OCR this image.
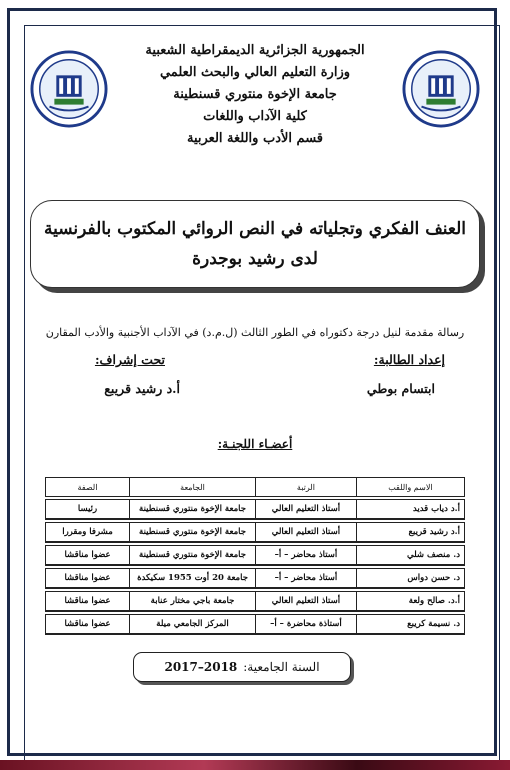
الجمهورية الجزائرية الديمقراطية الشعبية
وزارة التعليم العالي والبحث العلمي
جامعة الإخوة منتوري قسنطينة
كلية الآداب واللغات
قسم الأدب واللغة العربية
العنف الفكري وتجلياته في النص الروائي المكتوب بالفرنسية
لدى رشيد بوجدرة
رسالة مقدمة لنيل درجة دكتوراه في الطور الثالث (ل.م.د) في الآداب الأجنبية والأدب المقارن
إعداد الطالبة:
ابتسام بوطي
تحت إشراف:
أ.د رشيد قريبع
أعضـاء اللجنـة:
الاسم واللقب	الرتبة	الجامعة	الصفة
أ.د دياب قديد	أستاذ التعليم العالي	جامعة الإخوة منتوري قسنطينة	رئيسا
أ.د رشيد قريبع	أستاذ التعليم العالي	جامعة الإخوة منتوري قسنطينة	مشرفا ومقررا
د. منصف شلي	أستاذ محاضر – أ–	جامعة الإخوة منتوري قسنطينة	عضوا مناقشا
د. حسن دواس	أستاذ محاضر – أ–	جامعة 20 أوت 1955 سكيكدة	عضوا مناقشا
أ.د. صالح ولعة	أستاذ التعليم العالي	جامعة باجي مختار عنابة	عضوا مناقشا
د. نسيمة كريبع	أستاذة محاضرة – أ–	المركز الجامعي ميلة	عضوا مناقشا
السنة الجامعية:
2017–2018
